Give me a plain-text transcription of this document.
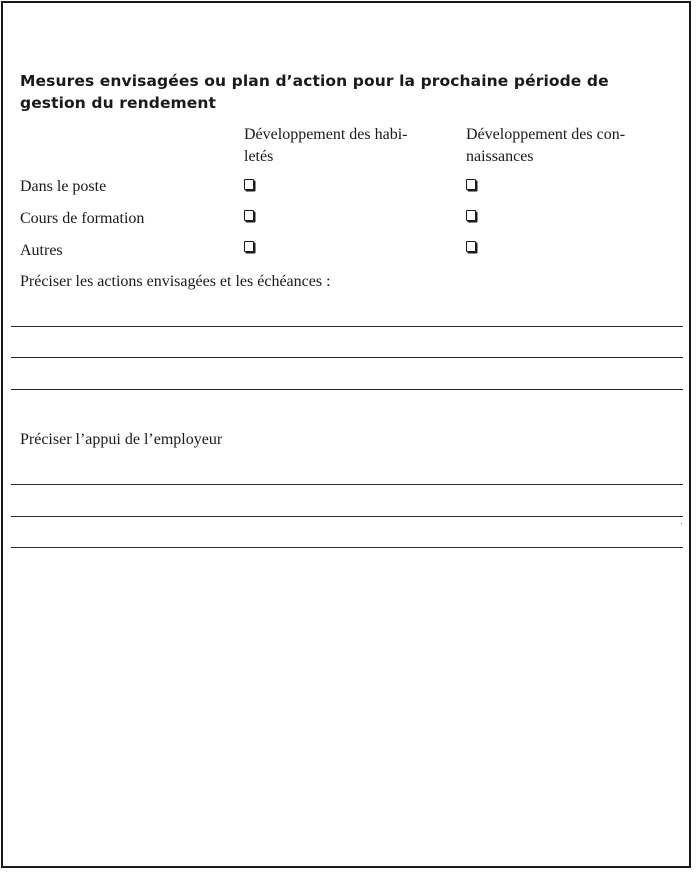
Mesures envisagées ou plan d’action pour la prochaine période de gestion du rendement
Développement des habi-
letés
Développement des con-
naissances
Dans le poste
Cours de formation
Autres
Préciser les actions envisagées et les échéances :
Préciser l’appui de l’employeur
